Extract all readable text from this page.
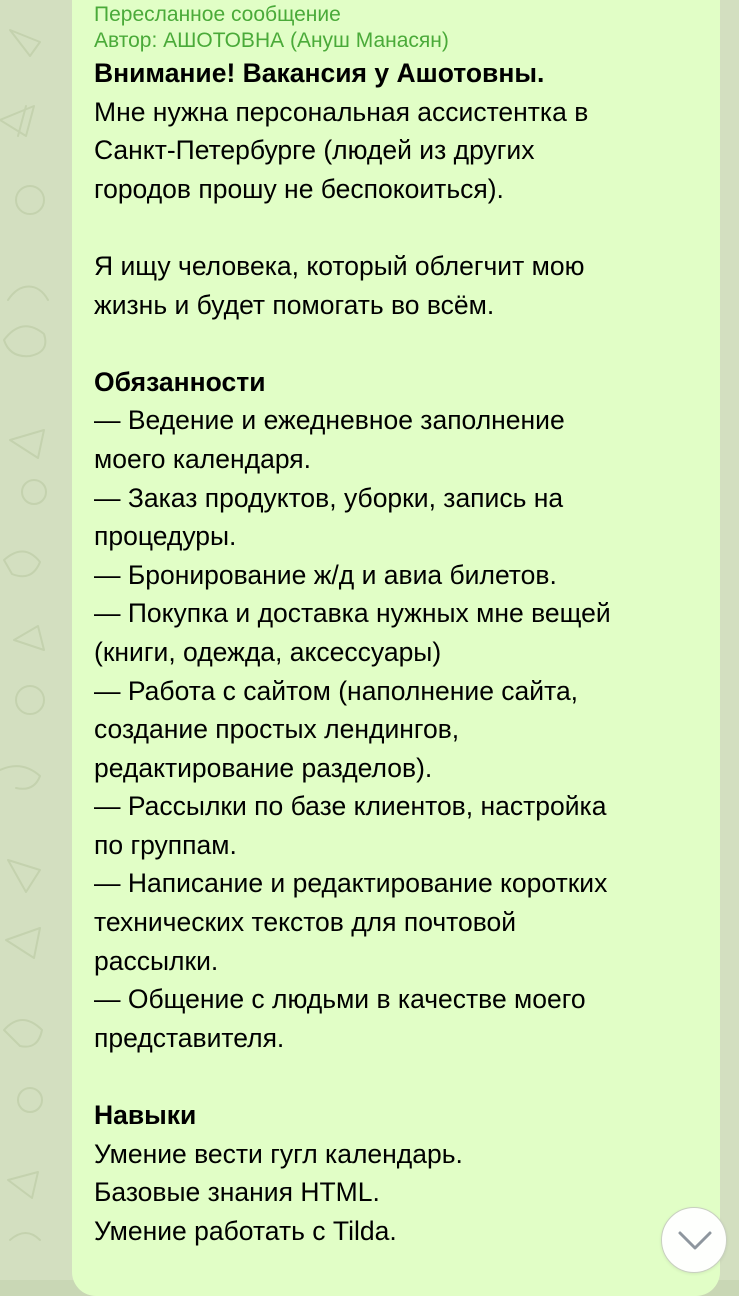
Пересланное сообщение
Автор: АШОТОВНА (Ануш Манасян)
Внимание! Вакансия у Ашотовны.
Мне нужна персональная ассистентка в
Санкт-Петербурге (людей из других
городов прошу не беспокоиться).
Я ищу человека, который облегчит мою
жизнь и будет помогать во всём.
Обязанности
— Ведение и ежедневное заполнение
моего календаря.
— Заказ продуктов, уборки, запись на
процедуры.
— Бронирование ж/д и авиа билетов.
— Покупка и доставка нужных мне вещей
(книги, одежда, аксессуары)
— Работа с сайтом (наполнение сайта,
создание простых лендингов,
редактирование разделов).
— Рассылки по базе клиентов, настройка
по группам.
— Написание и редактирование коротких
технических текстов для почтовой
рассылки.
— Общение с людьми в качестве моего
представителя.
Навыки
Умение вести гугл календарь.
Базовые знания HTML.
Умение работать с Tilda.
